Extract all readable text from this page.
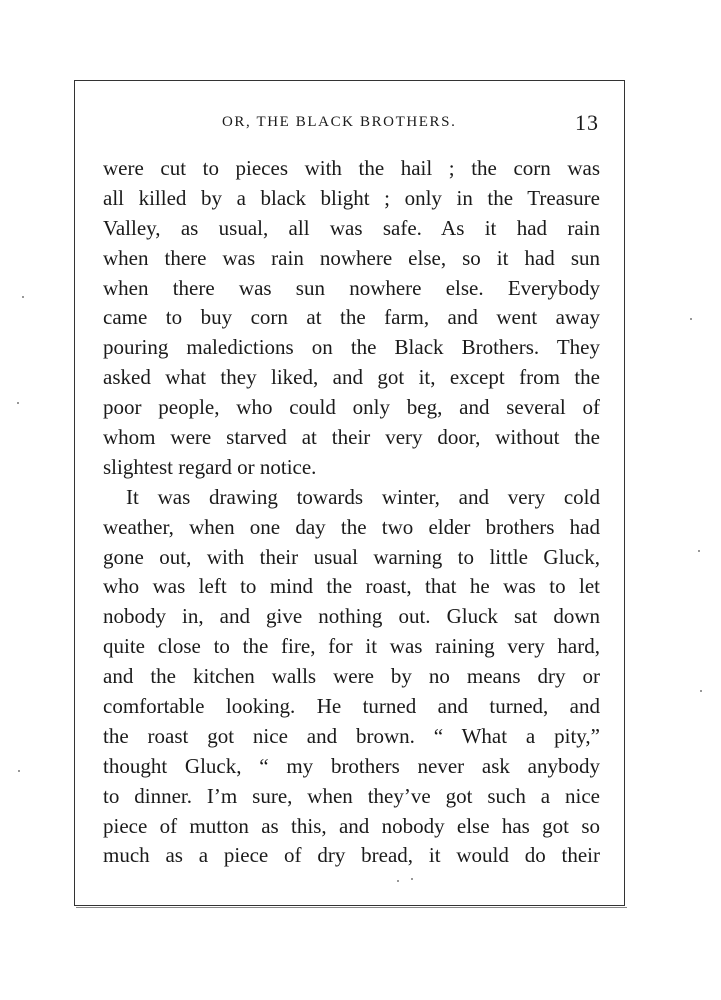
OR, THE BLACK BROTHERS.	13
were cut to pieces with the hail ; the corn was
all killed by a black blight ; only in the Treasure
Valley, as usual, all was safe. As it had rain
when there was rain nowhere else, so it had sun
when there was sun nowhere else. Everybody
came to buy corn at the farm, and went away
pouring maledictions on the Black Brothers. They
asked what they liked, and got it, except from the
poor people, who could only beg, and several of
whom were starved at their very door, without the
slightest regard or notice.
It was drawing towards winter, and very cold
weather, when one day the two elder brothers had
gone out, with their usual warning to little Gluck,
who was left to mind the roast, that he was to let
nobody in, and give nothing out. Gluck sat down
quite close to the fire, for it was raining very hard,
and the kitchen walls were by no means dry or
comfortable looking. He turned and turned, and
the roast got nice and brown. “ What a pity,”
thought Gluck, “ my brothers never ask anybody
to dinner. I’m sure, when they’ve got such a nice
piece of mutton as this, and nobody else has got so
much as a piece of dry bread, it would do their
